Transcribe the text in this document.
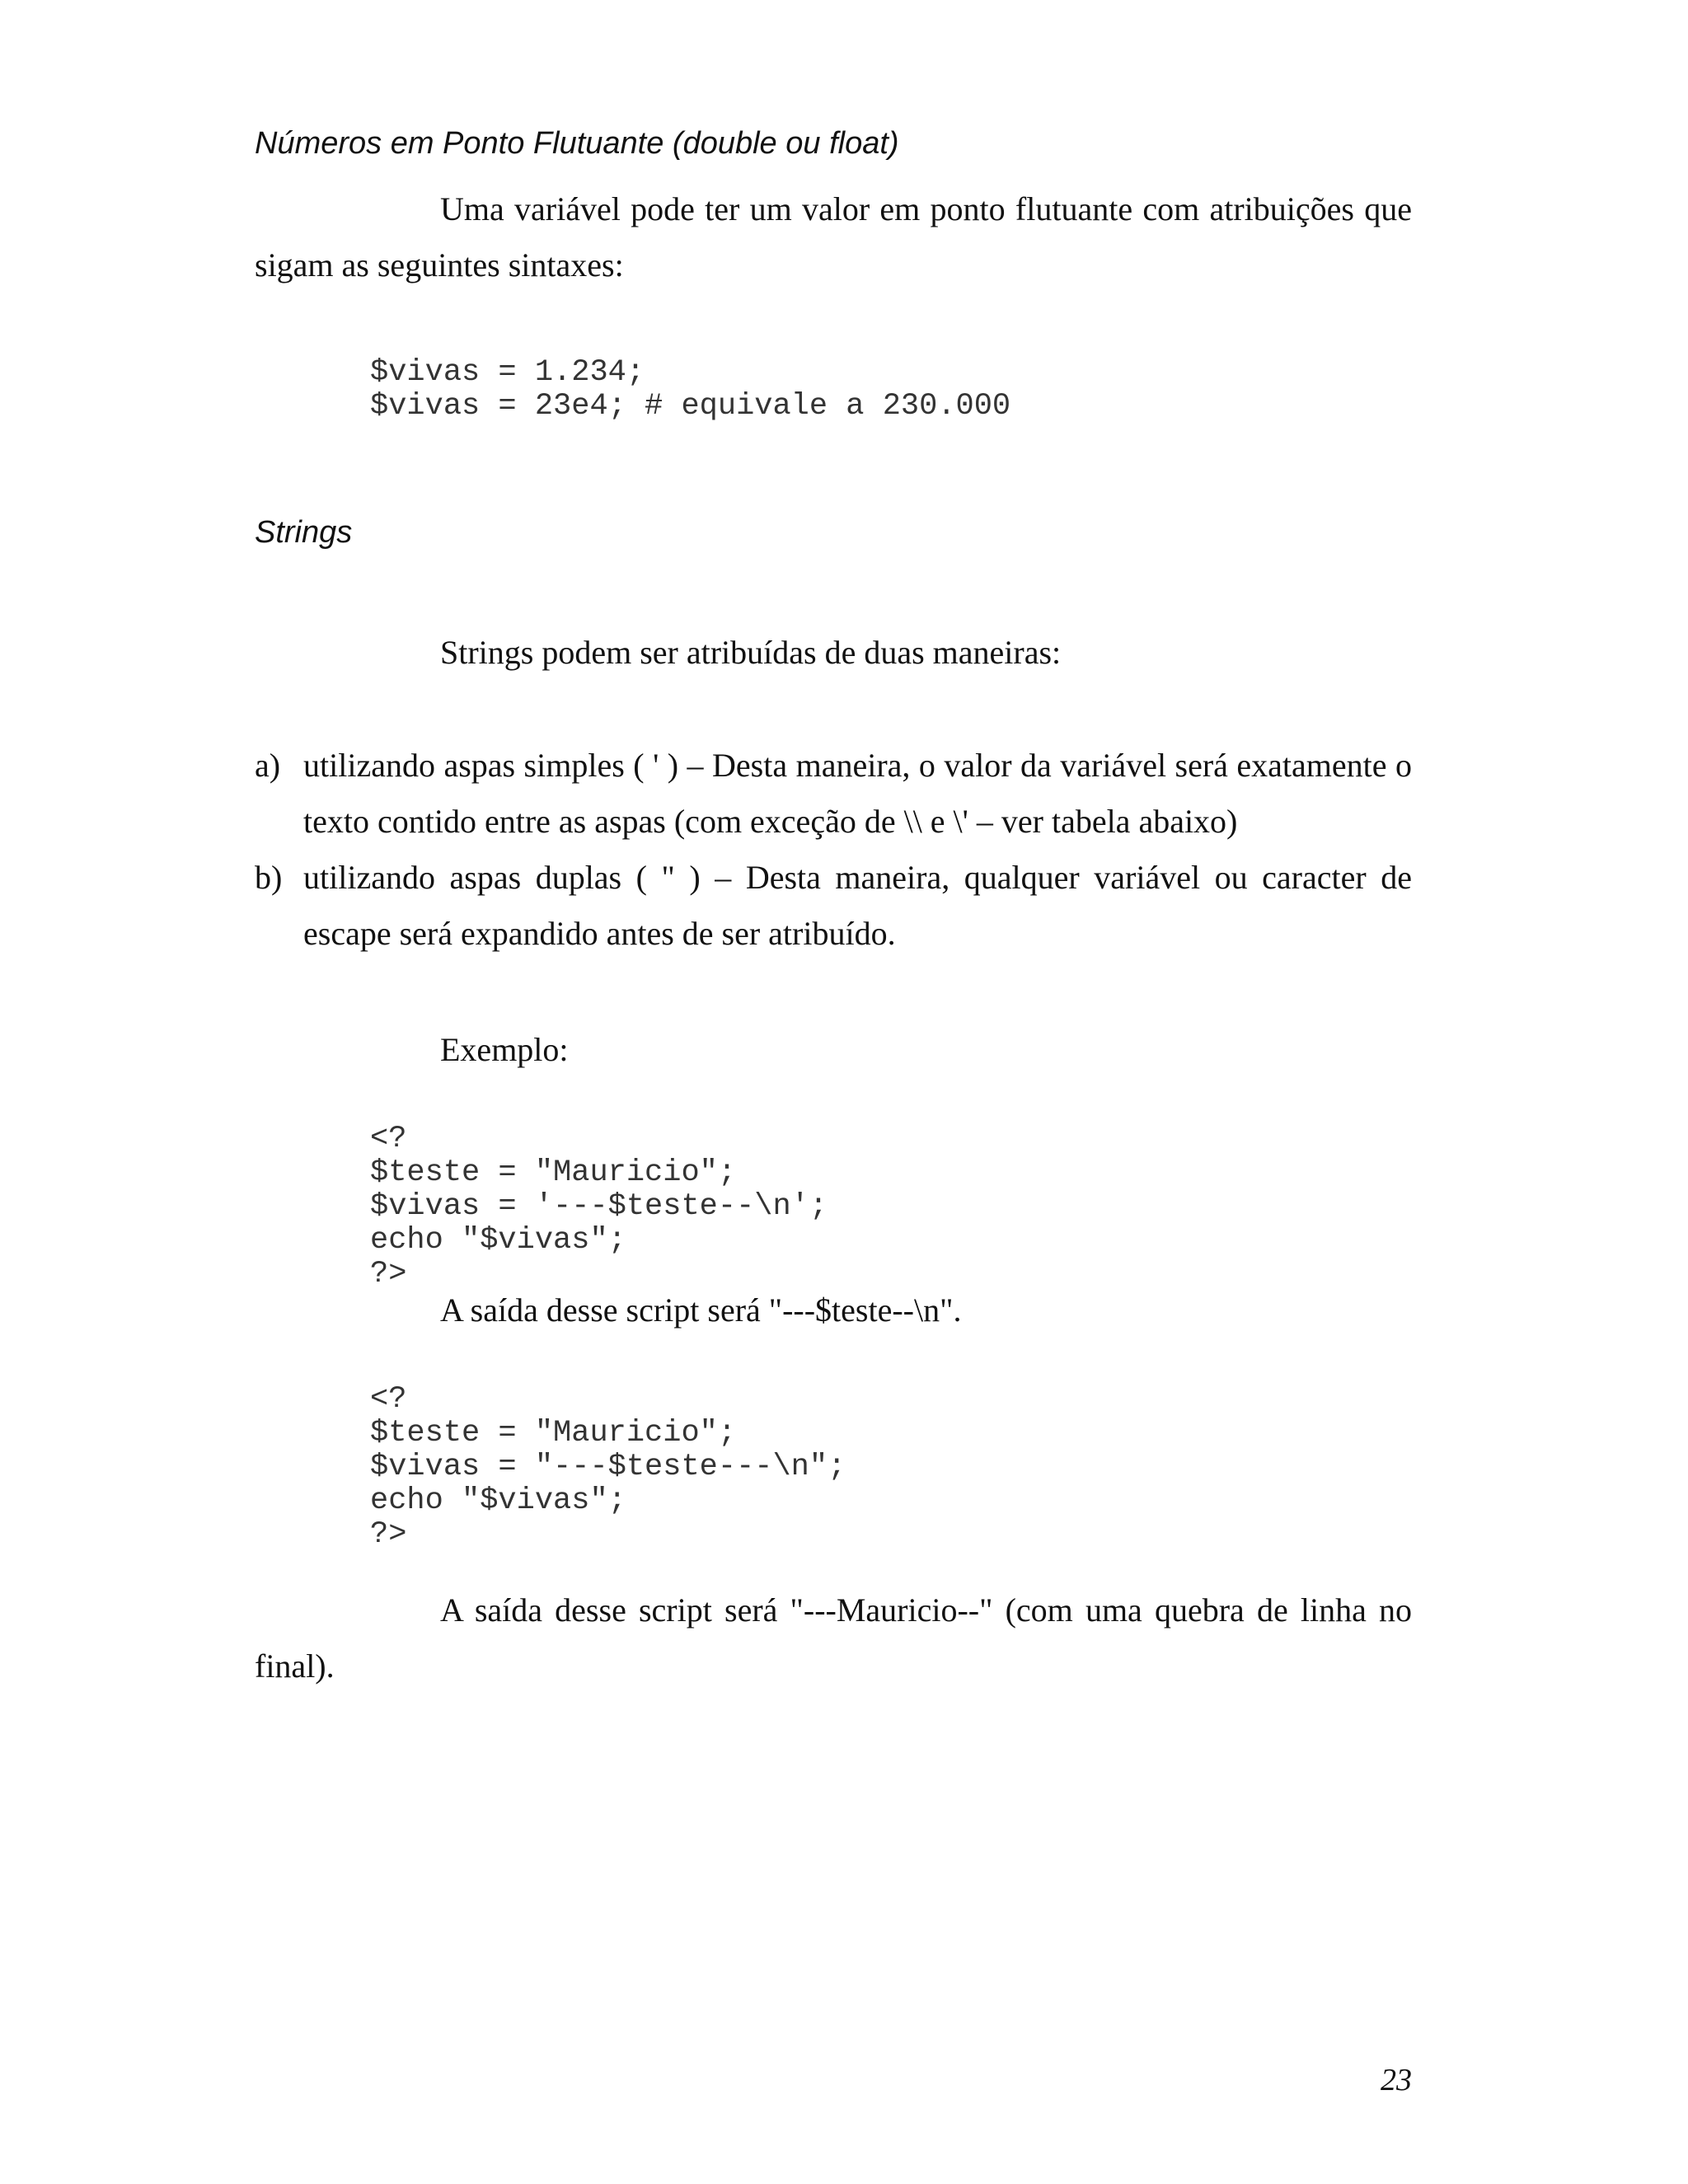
Números em Ponto Flutuante (double ou float)
Uma variável pode ter um valor em ponto flutuante com atribuições que sigam as seguintes sintaxes:
$vivas = 1.234;
$vivas = 23e4; # equivale a 230.000
Strings
Strings podem ser atribuídas de duas maneiras:
a) utilizando aspas simples ( ' ) – Desta maneira, o valor da variável será exatamente o texto contido entre as aspas (com exceção de \\ e \' – ver tabela abaixo)
b) utilizando aspas duplas ( " ) – Desta maneira, qualquer variável ou caracter de escape será expandido antes de ser atribuído.
Exemplo:
<?
$teste = "Mauricio";
$vivas = '---$teste--\n';
echo "$vivas";
?>
A saída desse script será "---$teste--\n".
<?
$teste = "Mauricio";
$vivas = "---$teste---\n";
echo "$vivas";
?>
A saída desse script será "---Mauricio--" (com uma quebra de linha no final).
23
